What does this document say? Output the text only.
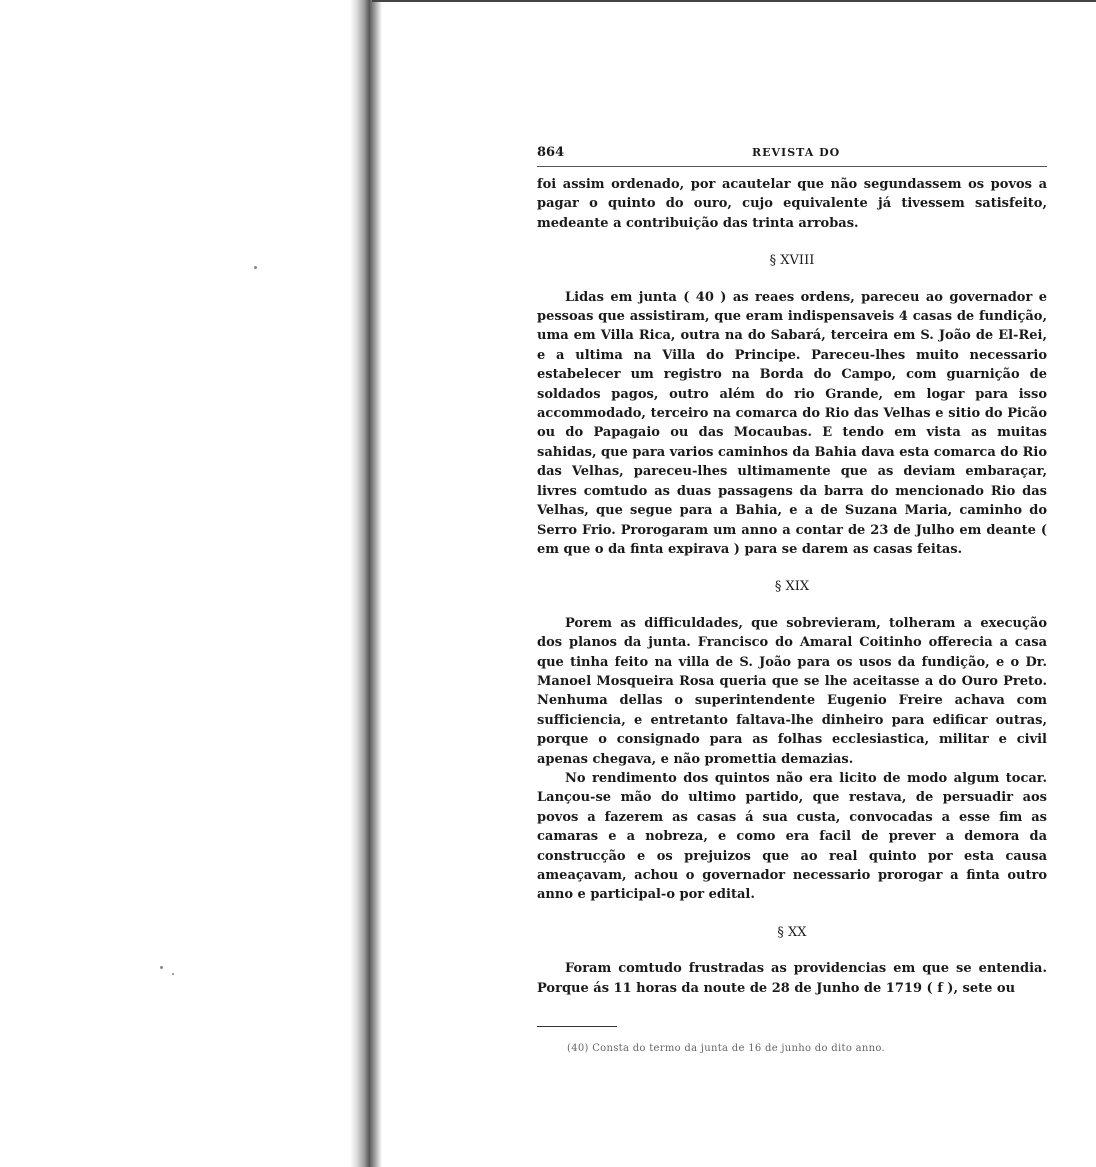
864	REVISTA DO

foi assim ordenado, por acautelar que não segundassem os povos a pagar o quinto do ouro, cujo equivalente já tivessem satisfeito, medeante a contribuição das trinta arrobas.

§ XVIII

Lidas em junta ( 40 ) as reaes ordens, pareceu ao governador e pessoas que assistiram, que eram indispensaveis 4 casas de fundição, uma em Villa Rica, outra na do Sabará, terceira em S. João de El-Rei, e a ultima na Villa do Principe. Pareceu-lhes muito necessario estabelecer um registro na Borda do Campo, com guarnição de soldados pagos, outro além do rio Grande, em logar para isso accommodado, terceiro na comarca do Rio das Velhas e sitio do Picão ou do Papagaio ou das Mocaubas. E tendo em vista as muitas sahidas, que para varios caminhos da Bahia dava esta comarca do Rio das Velhas, pareceu-lhes ultimamente que as deviam embaraçar, livres comtudo as duas passagens da barra do mencionado Rio das Velhas, que segue para a Bahia, e a de Suzana Maria, caminho do Serro Frio. Prorogaram um anno a contar de 23 de Julho em deante ( em que o da finta expirava ) para se darem as casas feitas.

§ XIX

Porem as difficuldades, que sobrevieram, tolheram a execução dos planos da junta. Francisco do Amaral Coitinho offerecia a casa que tinha feito na villa de S. João para os usos da fundição, e o Dr. Manoel Mosqueira Rosa queria que se lhe aceitasse a do Ouro Preto. Nenhuma dellas o superintendente Eugenio Freire achava com sufficiencia, e entretanto faltava-lhe dinheiro para edificar outras, porque o consignado para as folhas ecclesiastica, militar e civil apenas chegava, e não promettia demazias.

No rendimento dos quintos não era licito de modo algum tocar. Lançou-se mão do ultimo partido, que restava, de persuadir aos povos a fazerem as casas á sua custa, convocadas a esse fim as camaras e a nobreza, e como era facil de prever a demora da construcção e os prejuizos que ao real quinto por esta causa ameaçavam, achou o governador necessario prorogar a finta outro anno e participal-o por edital.

§ XX

Foram comtudo frustradas as providencias em que se entendia. Porque ás 11 horas da noute de 28 de Junho de 1719 ( f ), sete ou

(40) Consta do termo da junta de 16 de junho do dito anno.
